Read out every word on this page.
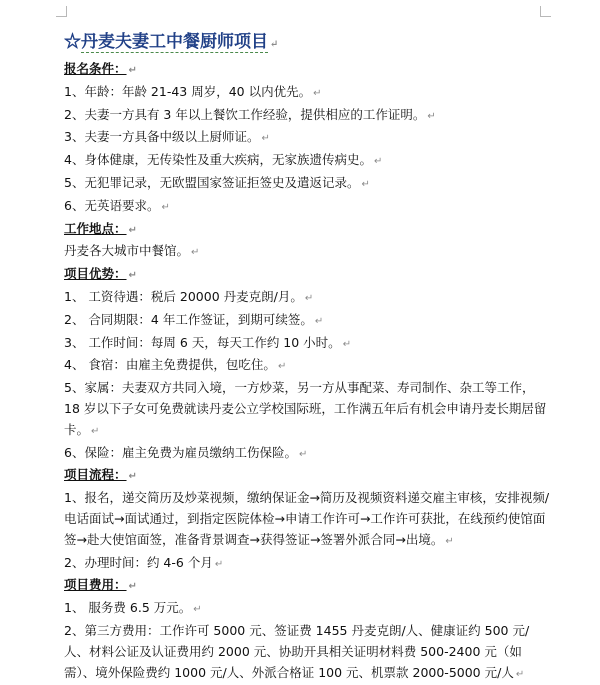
☆丹麦夫妻工中餐厨师项目 ↵
报名条件： ↵
1、年龄：年龄 21-43 周岁，40 以内优先。 ↵
2、夫妻一方具有 3 年以上餐饮工作经验，提供相应的工作证明。 ↵
3、夫妻一方具备中级以上厨师证。 ↵
4、身体健康，无传染性及重大疾病，无家族遗传病史。 ↵
5、无犯罪记录，无欧盟国家签证拒签史及遣返记录。 ↵
6、无英语要求。 ↵
工作地点： ↵
丹麦各大城市中餐馆。 ↵
项目优势： ↵
1、 工资待遇：税后 20000 丹麦克朗/月。 ↵
2、 合同期限：4 年工作签证，到期可续签。 ↵
3、 工作时间：每周 6 天，每天工作约 10 小时。 ↵
4、 食宿：由雇主免费提供，包吃住。 ↵
5、家属：夫妻双方共同入境，一方炒菜，另一方从事配菜、寿司制作、杂工等工作，18 岁以下子女可免费就读丹麦公立学校国际班，工作满五年后有机会申请丹麦长期居留卡。 ↵
6、保险：雇主免费为雇员缴纳工伤保险。 ↵
项目流程： ↵
1、报名，递交简历及炒菜视频，缴纳保证金→简历及视频资料递交雇主审核，安排视频/电话面试→面试通过，到指定医院体检→申请工作许可→工作许可获批，在线预约使馆面签→赴大使馆面签，准备背景调查→获得签证→签署外派合同→出境。 ↵
2、办理时间：约 4-6 个月 ↵
项目费用： ↵
1、 服务费 6.5 万元。 ↵
2、第三方费用：工作许可 5000 元、签证费 1455 丹麦克朗/人、健康证约 500 元/人、材料公证及认证费用约 2000 元、协助开具相关证明材料费 500-2400 元（如需）、境外保险费约 1000 元/人、外派合格证 100 元、机票款 2000-5000 元/人 ↵
